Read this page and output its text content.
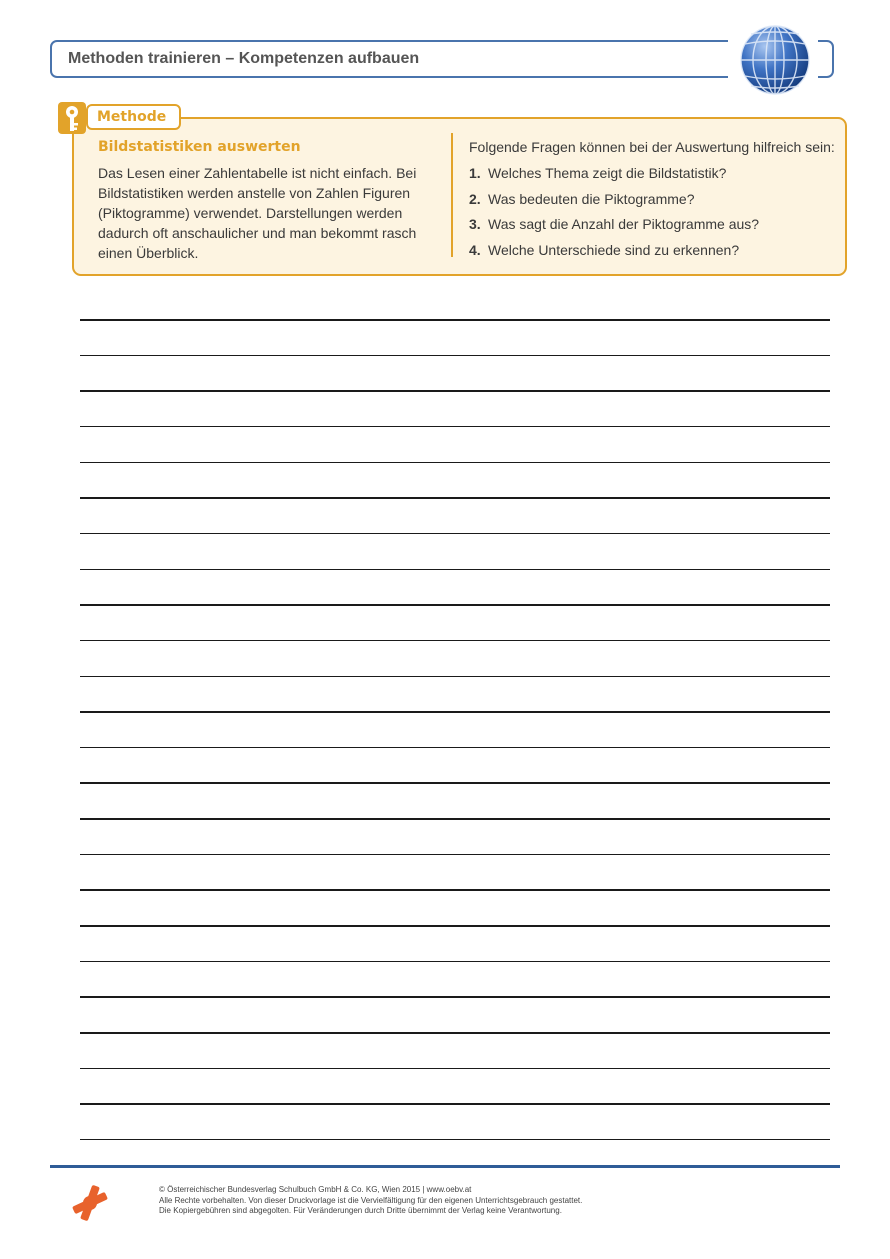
Methoden trainieren – Kompetenzen aufbauen
Methode
Bildstatistiken auswerten

Das Lesen einer Zahlentabelle ist nicht einfach. Bei
Bildstatistiken werden anstelle von Zahlen Figuren
(Piktogramme) verwendet. Darstellungen werden
dadurch oft anschaulicher und man bekommt rasch
einen Überblick.

Folgende Fragen können bei der Auswertung hilfreich sein:
1. Welches Thema zeigt die Bildstatistik?
2. Was bedeuten die Piktogramme?
3. Was sagt die Anzahl der Piktogramme aus?
4. Welche Unterschiede sind zu erkennen?
© Österreichischer Bundesverlag Schulbuch GmbH & Co. KG, Wien 2015 | www.oebv.at
Alle Rechte vorbehalten. Von dieser Druckvorlage ist die Vervielfältigung für den eigenen Unterrichtsgebrauch gestattet.
Die Kopiergebühren sind abgegolten. Für Veränderungen durch Dritte übernimmt der Verlag keine Verantwortung.
